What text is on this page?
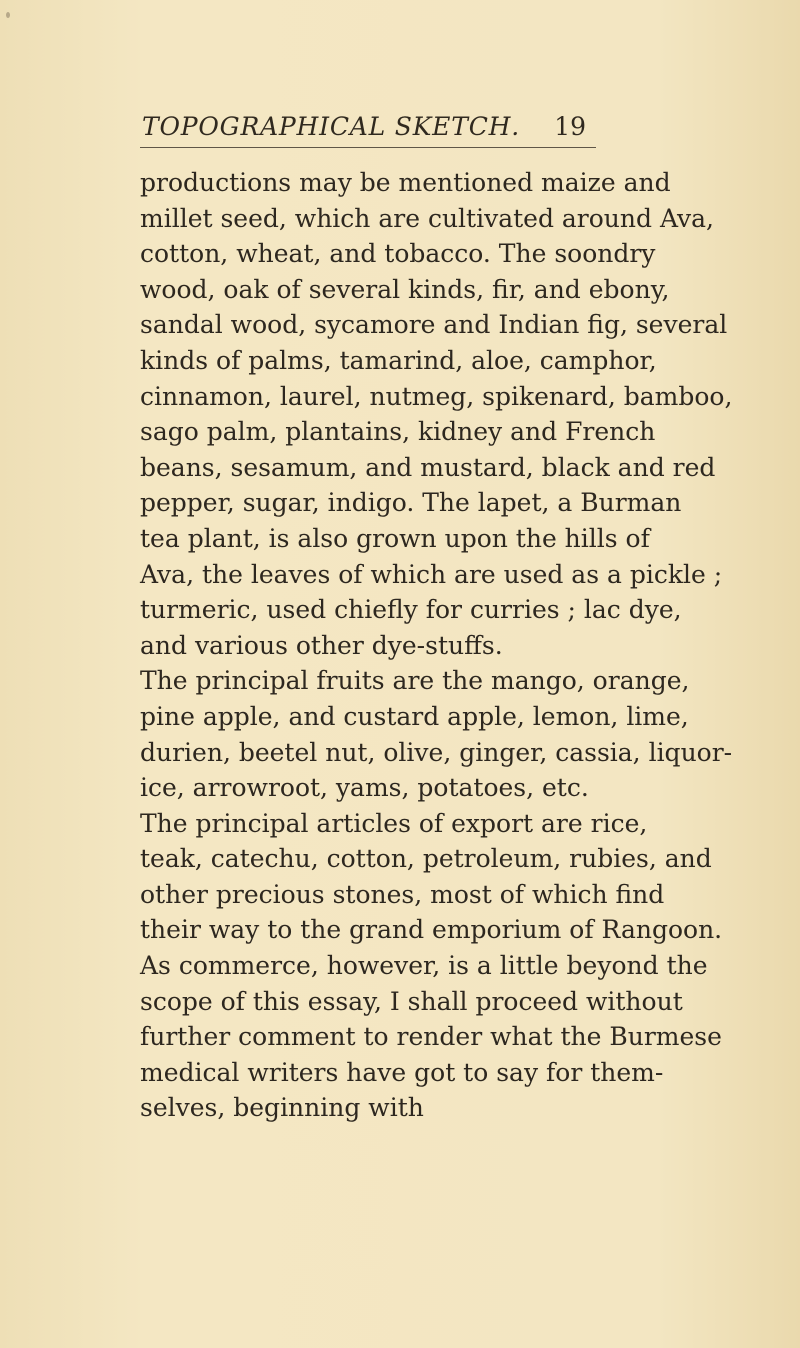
TOPOGRAPHICAL SKETCH. 19
productions may be mentioned maize and
millet seed, which are cultivated around Ava,
cotton, wheat, and tobacco. The soondry
wood, oak of several kinds, fir, and ebony,
sandal wood, sycamore and Indian fig, several
kinds of palms, tamarind, aloe, camphor,
cinnamon, laurel, nutmeg, spikenard, bamboo,
sago palm, plantains, kidney and French
beans, sesamum, and mustard, black and red
pepper, sugar, indigo. The lapet, a Burman
tea plant, is also grown upon the hills of
Ava, the leaves of which are used as a pickle ;
turmeric, used chiefly for curries ; lac dye,
and various other dye-stuffs.
The principal fruits are the mango, orange,
pine apple, and custard apple, lemon, lime,
durien, beetel nut, olive, ginger, cassia, liquor-
ice, arrowroot, yams, potatoes, etc.
The principal articles of export are rice,
teak, catechu, cotton, petroleum, rubies, and
other precious stones, most of which find
their way to the grand emporium of Rangoon.
As commerce, however, is a little beyond the
scope of this essay, I shall proceed without
further comment to render what the Burmese
medical writers have got to say for them-
selves, beginning with
